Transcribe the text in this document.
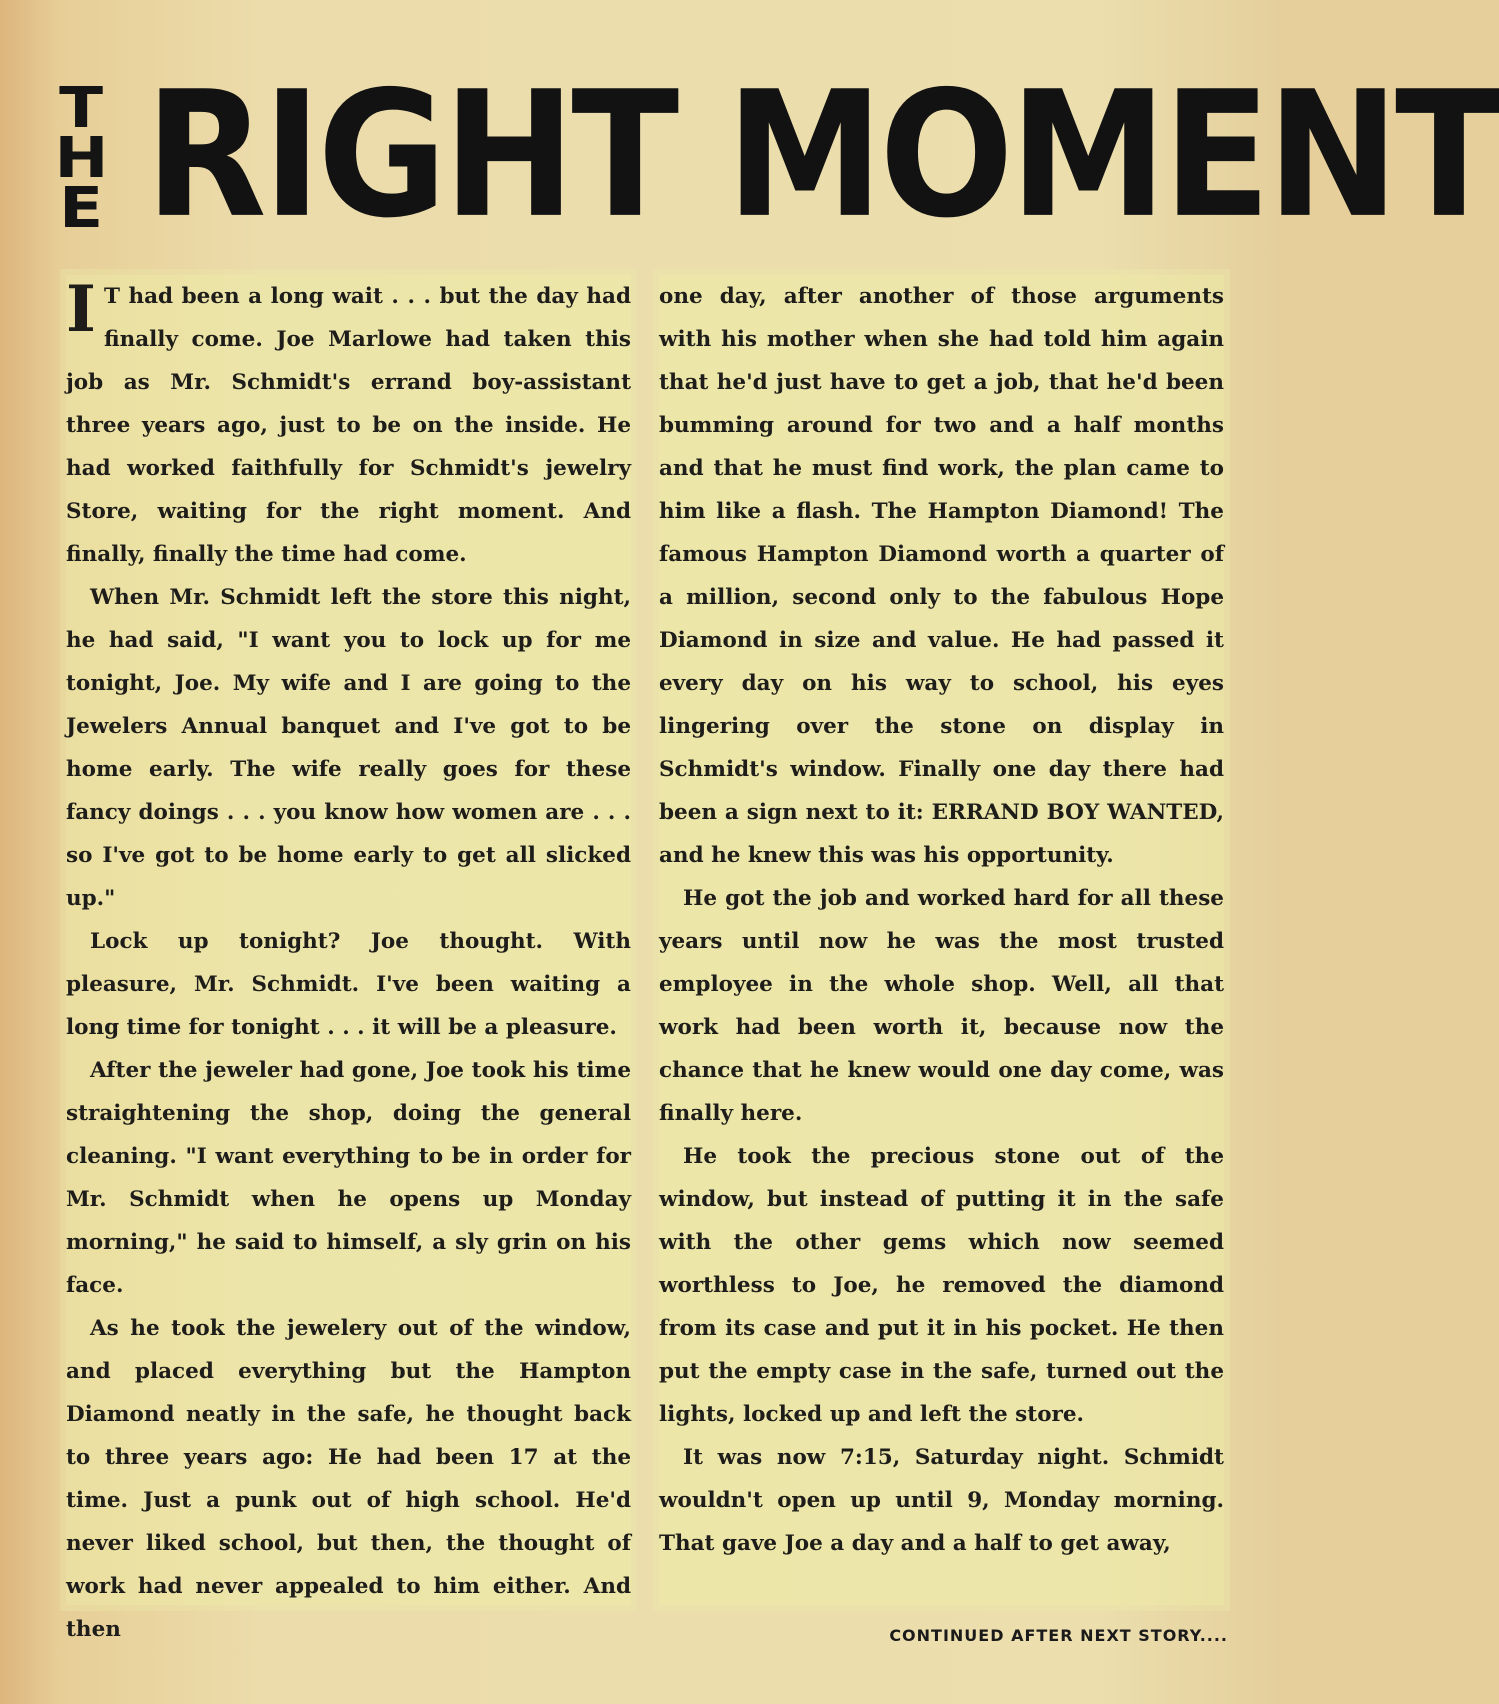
T
H
E RIGHT MOMENT

I T had been a long wait . . . but the day had finally come. Joe Marlowe had taken this job as Mr. Schmidt's errand boy-assistant three years ago, just to be on the inside. He had worked faithfully for Schmidt's jewelry Store, waiting for the right moment. And finally, finally the time had come.

When Mr. Schmidt left the store this night, he had said, "I want you to lock up for me tonight, Joe. My wife and I are going to the Jewelers Annual banquet and I've got to be home early. The wife really goes for these fancy doings . . . you know how women are . . . so I've got to be home early to get all slicked up."

Lock up tonight? Joe thought. With pleasure, Mr. Schmidt. I've been waiting a long time for tonight . . . it will be a pleasure.

After the jeweler had gone, Joe took his time straightening the shop, doing the general cleaning. "I want everything to be in order for Mr. Schmidt when he opens up Monday morning," he said to himself, a sly grin on his face.

As he took the jewelery out of the window, and placed everything but the Hampton Diamond neatly in the safe, he thought back to three years ago: He had been 17 at the time. Just a punk out of high school. He'd never liked school, but then, the thought of work had never appealed to him either. And then

one day, after another of those arguments with his mother when she had told him again that he'd just have to get a job, that he'd been bumming around for two and a half months and that he must find work, the plan came to him like a flash. The Hampton Diamond! The famous Hampton Diamond worth a quarter of a million, second only to the fabulous Hope Diamond in size and value. He had passed it every day on his way to school, his eyes lingering over the stone on display in Schmidt's window. Finally one day there had been a sign next to it: ERRAND BOY WANTED, and he knew this was his opportunity.

He got the job and worked hard for all these years until now he was the most trusted employee in the whole shop. Well, all that work had been worth it, because now the chance that he knew would one day come, was finally here.

He took the precious stone out of the window, but instead of putting it in the safe with the other gems which now seemed worthless to Joe, he removed the diamond from its case and put it in his pocket. He then put the empty case in the safe, turned out the lights, locked up and left the store.

It was now 7:15, Saturday night. Schmidt wouldn't open up until 9, Monday morning. That gave Joe a day and a half to get away,

CONTINUED AFTER NEXT STORY....
